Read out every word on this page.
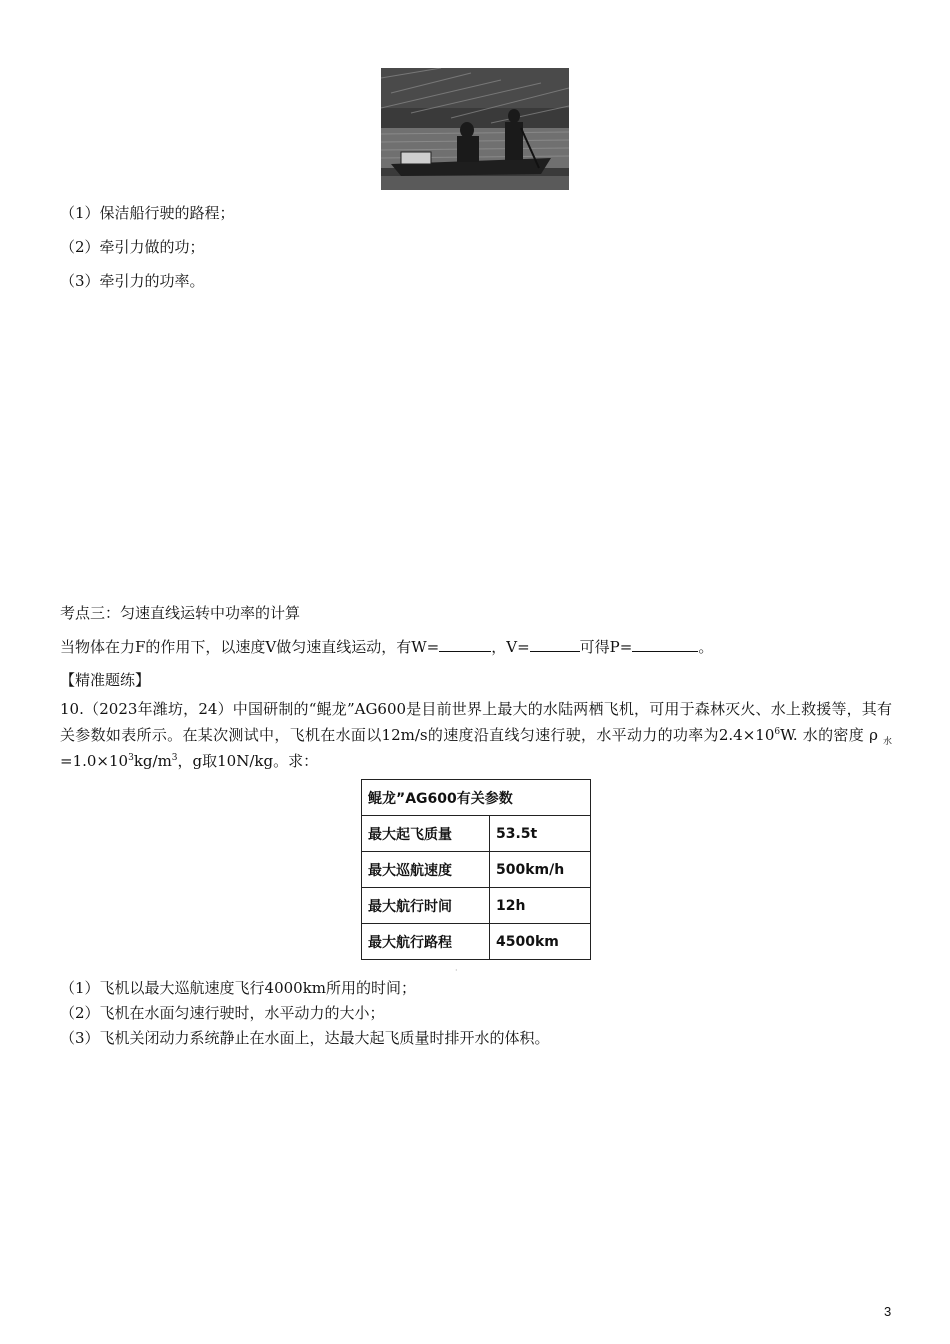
（1）保洁船行驶的路程；
（2）牵引力做的功；
（3）牵引力的功率。
考点三：匀速直线运转中功率的计算
当物体在力F的作用下，以速度V做匀速直线运动，有W=	，V=	可得P=	。
【精准题练】
10.（2023年潍坊，24）中国研制的“鲲龙”AG600是目前世界上最大的水陆两栖飞机，可用于森林灭火、水上救援等，其有关参数如表所示。在某次测试中，飞机在水面以12m/s的速度沿直线匀速行驶，水平动力的功率为$2.4\times 10^6W$. 水的密度 ρ $_水=1.0\times 10^3kg/m^3$，g取10N/kg。求：
鲲龙”AG600有关参数	
最大起飞质量	53.5t
最大巡航速度	500km/h
最大航行时间	12h
最大航行路程	4500km
·
（1）飞机以最大巡航速度飞行4000km所用的时间；
（2）飞机在水面匀速行驶时，水平动力的大小；
（3）飞机关闭动力系统静止在水面上，达最大起飞质量时排开水的体积。
3
